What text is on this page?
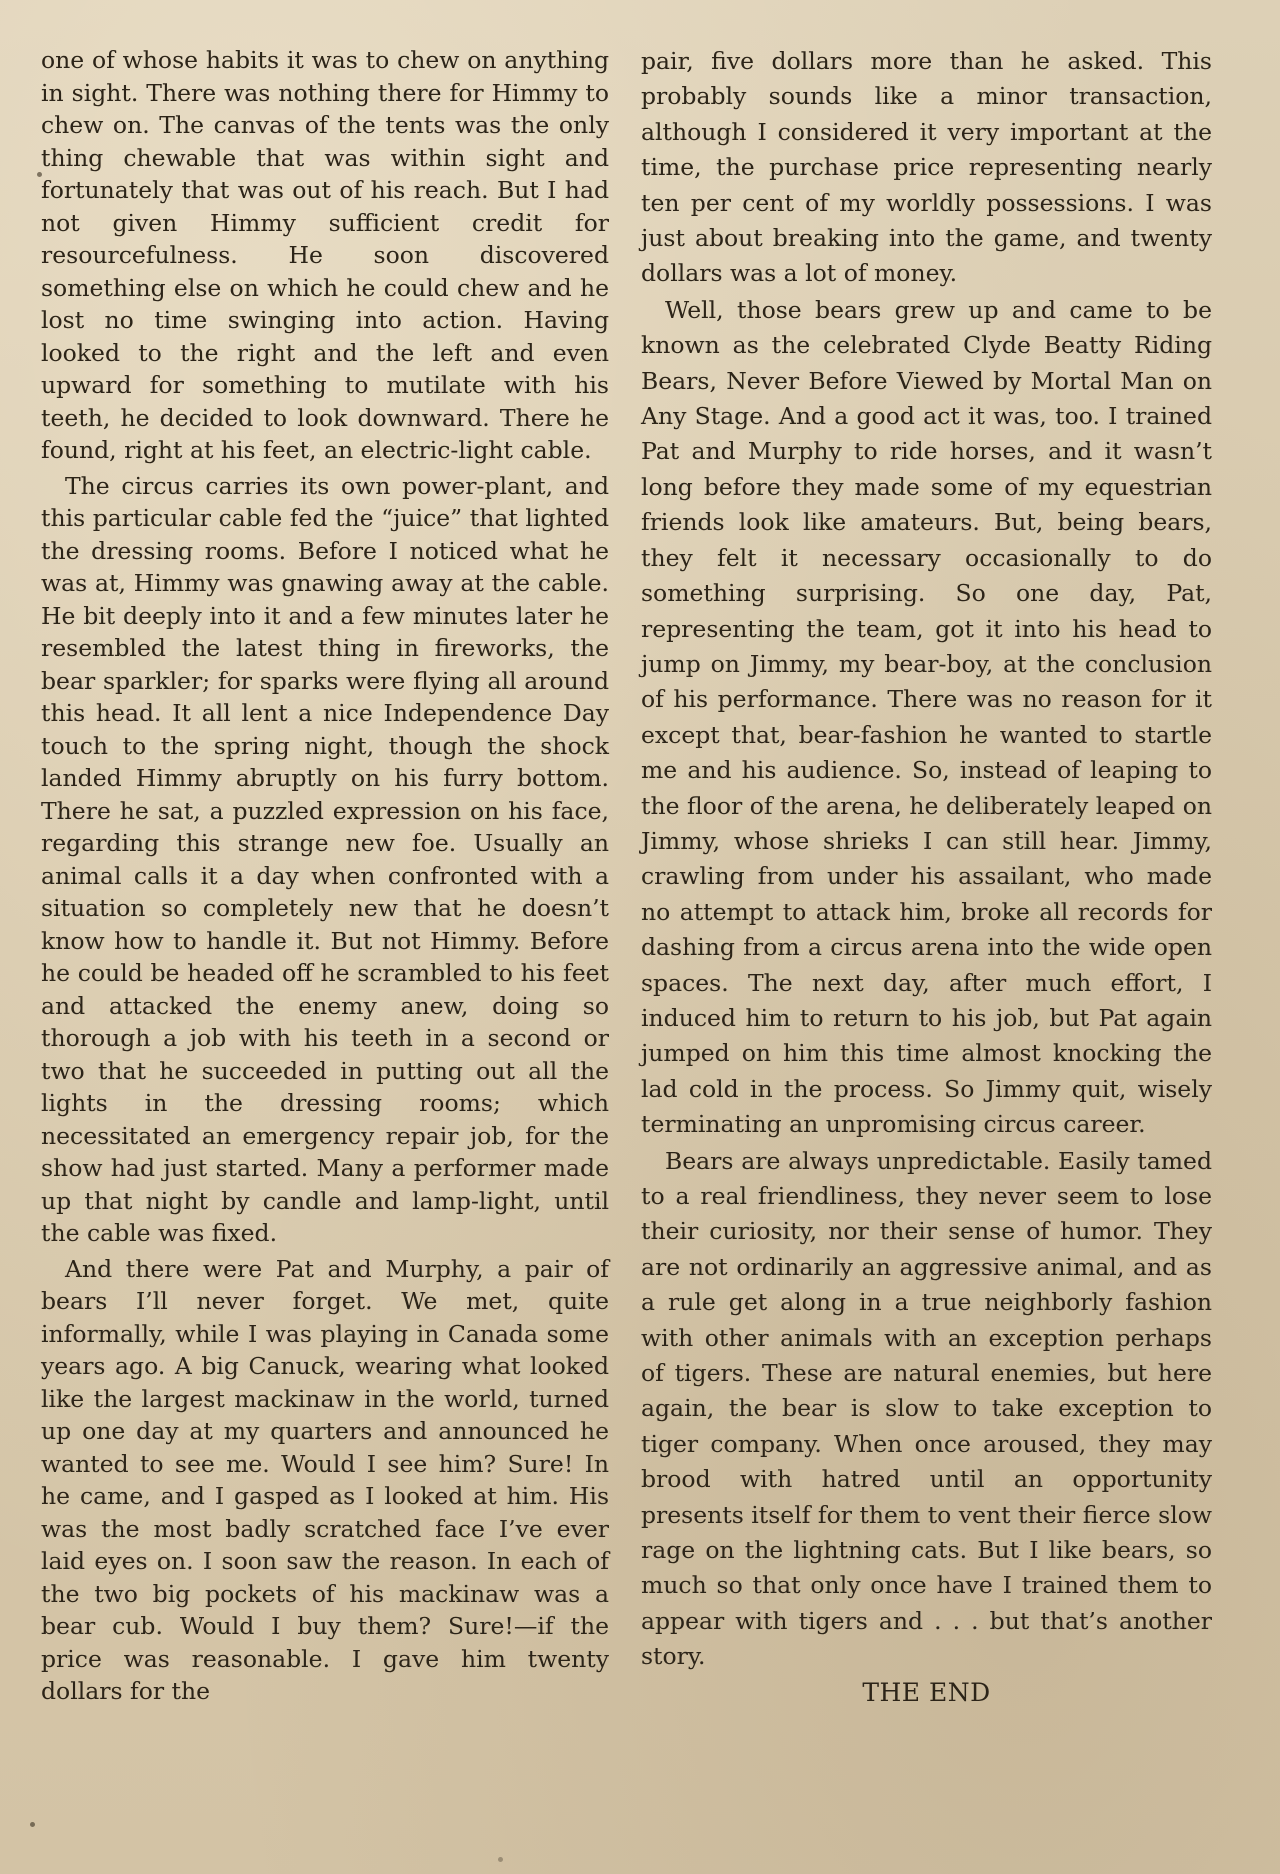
one of whose habits it was to chew on anything in sight. There was nothing there for Himmy to chew on. The canvas of the tents was the only thing chewable that was within sight and fortunately that was out of his reach. But I had not given Himmy sufficient credit for resourcefulness. He soon discovered something else on which he could chew and he lost no time swinging into action. Having looked to the right and the left and even upward for something to mutilate with his teeth, he decided to look downward. There he found, right at his feet, an electric-light cable.

The circus carries its own power-plant, and this particular cable fed the “juice” that lighted the dressing rooms. Before I noticed what he was at, Himmy was gnawing away at the cable. He bit deeply into it and a few minutes later he resembled the latest thing in fireworks, the bear sparkler; for sparks were flying all around this head. It all lent a nice Independence Day touch to the spring night, though the shock landed Himmy abruptly on his furry bottom. There he sat, a puzzled expression on his face, regarding this strange new foe. Usually an animal calls it a day when confronted with a situation so completely new that he doesn’t know how to handle it. But not Himmy. Before he could be headed off he scrambled to his feet and attacked the enemy anew, doing so thorough a job with his teeth in a second or two that he succeeded in putting out all the lights in the dressing rooms; which necessitated an emergency repair job, for the show had just started. Many a performer made up that night by candle and lamp-light, until the cable was fixed.

And there were Pat and Murphy, a pair of bears I’ll never forget. We met, quite informally, while I was playing in Canada some years ago. A big Canuck, wearing what looked like the largest mackinaw in the world, turned up one day at my quarters and announced he wanted to see me. Would I see him? Sure! In he came, and I gasped as I looked at him. His was the most badly scratched face I’ve ever laid eyes on. I soon saw the reason. In each of the two big pockets of his mackinaw was a bear cub. Would I buy them? Sure!—if the price was reasonable. I gave him twenty dollars for the

pair, five dollars more than he asked. This probably sounds like a minor transaction, although I considered it very important at the time, the purchase price representing nearly ten per cent of my worldly possessions. I was just about breaking into the game, and twenty dollars was a lot of money.

Well, those bears grew up and came to be known as the celebrated Clyde Beatty Riding Bears, Never Before Viewed by Mortal Man on Any Stage. And a good act it was, too. I trained Pat and Murphy to ride horses, and it wasn’t long before they made some of my equestrian friends look like amateurs. But, being bears, they felt it necessary occasionally to do something surprising. So one day, Pat, representing the team, got it into his head to jump on Jimmy, my bear-boy, at the conclusion of his performance. There was no reason for it except that, bear-fashion he wanted to startle me and his audience. So, instead of leaping to the floor of the arena, he deliberately leaped on Jimmy, whose shrieks I can still hear. Jimmy, crawling from under his assailant, who made no attempt to attack him, broke all records for dashing from a circus arena into the wide open spaces. The next day, after much effort, I induced him to return to his job, but Pat again jumped on him this time almost knocking the lad cold in the process. So Jimmy quit, wisely terminating an unpromising circus career.

Bears are always unpredictable. Easily tamed to a real friendliness, they never seem to lose their curiosity, nor their sense of humor. They are not ordinarily an aggressive animal, and as a rule get along in a true neighborly fashion with other animals with an exception perhaps of tigers. These are natural enemies, but here again, the bear is slow to take exception to tiger company. When once aroused, they may brood with hatred until an opportunity presents itself for them to vent their fierce slow rage on the lightning cats. But I like bears, so much so that only once have I trained them to appear with tigers and . . . but that’s another story.

THE END
